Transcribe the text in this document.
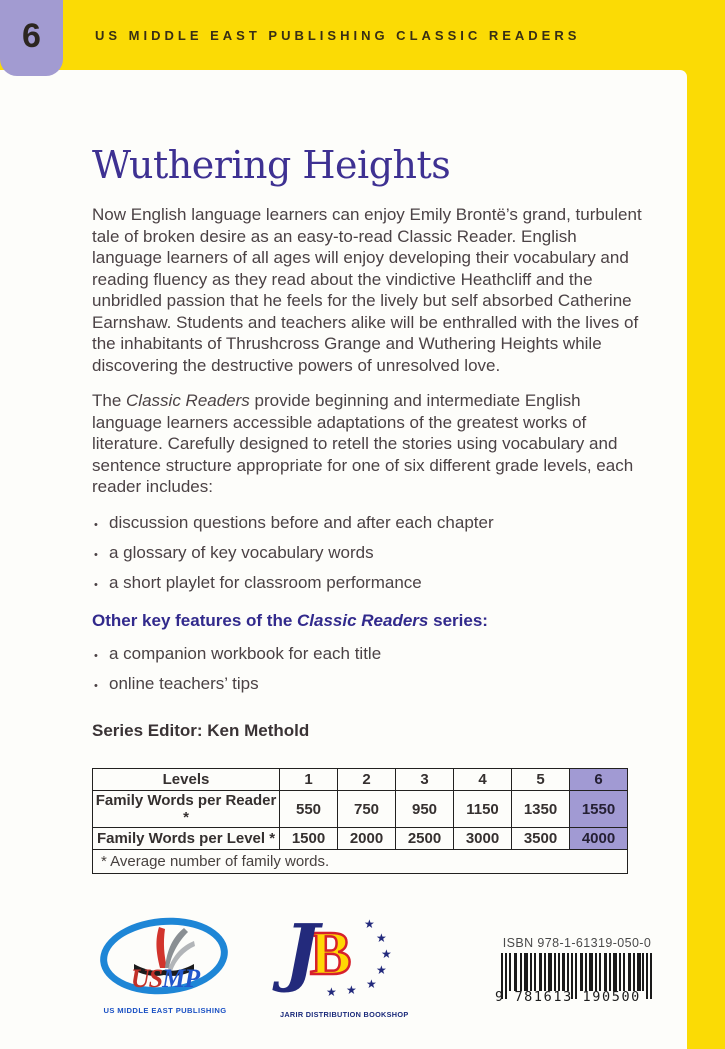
6	US MIDDLE EAST PUBLISHING CLASSIC READERS
Wuthering Heights

Now English language learners can enjoy Emily Brontë’s grand, turbulent tale of broken desire as an easy-to-read Classic Reader. English language learners of all ages will enjoy developing their vocabulary and reading fluency as they read about the vindictive Heathcliff and the unbridled passion that he feels for the lively but self absorbed Catherine Earnshaw. Students and teachers alike will be enthralled with the lives of the inhabitants of Thrushcross Grange and Wuthering Heights while discovering the destructive powers of unresolved love.

The Classic Readers provide beginning and intermediate English language learners accessible adaptations of the greatest works of literature. Carefully designed to retell the stories using vocabulary and sentence structure appropriate for one of six different grade levels, each reader includes:

• discussion questions before and after each chapter
• a glossary of key vocabulary words
• a short playlet for classroom performance
Other key features of the Classic Readers series:
• a companion workbook for each title
• online teachers’ tips

Series Editor: Ken Methold

Levels	1	2	3	4	5	6
Family Words per Reader *	550	750	950	1150	1350	1550
Family Words per Level *	1500	2000	2500	3000	3500	4000
* Average number of family words.						
USMP
US MIDDLE EAST PUBLISHING
B
J	★
★
★
★
★
★
★
JARIR DISTRIBUTION BOOKSHOP
ISBN 978-1-61319-050-0
9 781613 190500
